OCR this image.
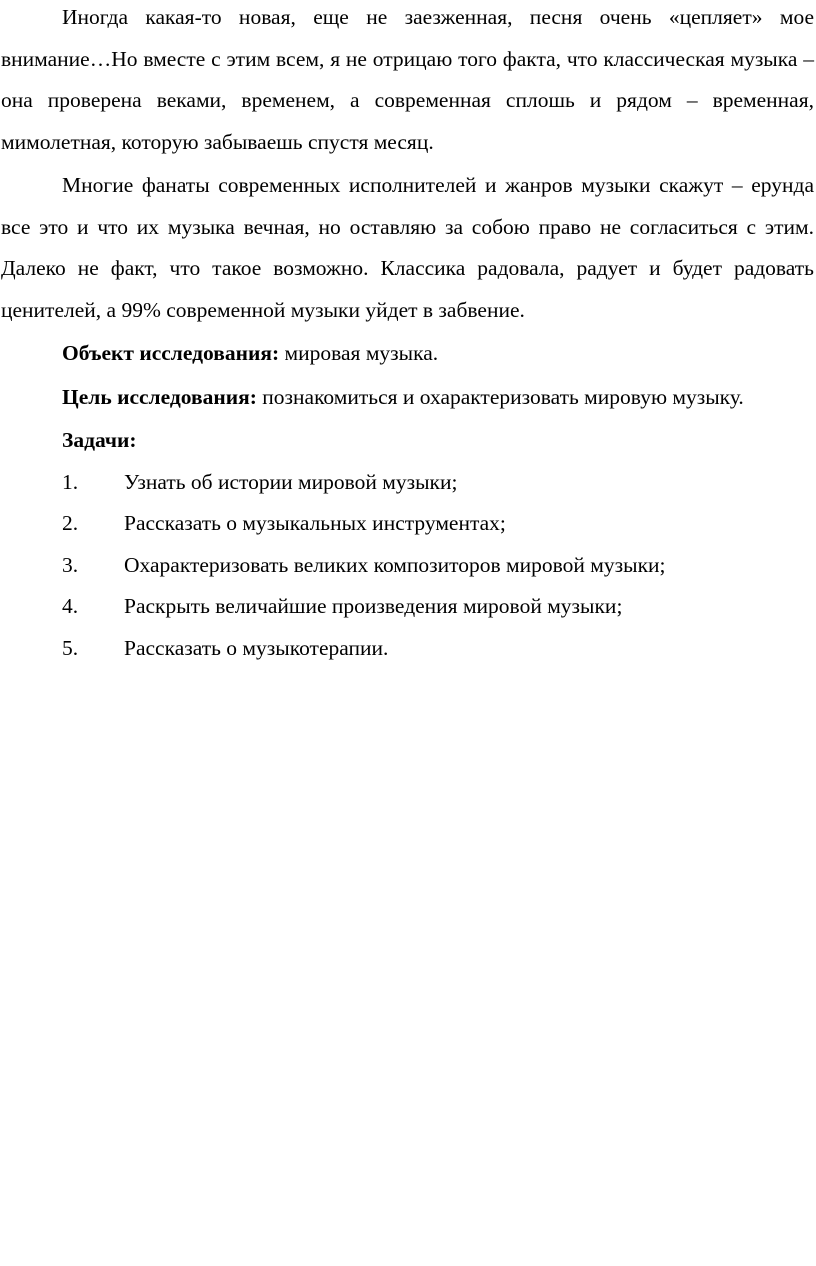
Иногда какая-то новая, еще не заезженная, песня очень «цепляет» мое внимание…Но вместе с этим всем, я не отрицаю того факта, что классическая музыка – она проверена веками, временем, а современная сплошь и рядом – временная, мимолетная, которую забываешь спустя месяц.

Многие фанаты современных исполнителей и жанров музыки скажут – ерунда все это и что их музыка вечная, но оставляю за собою право не согласиться с этим. Далеко не факт, что такое возможно. Классика радовала, радует и будет радовать ценителей, а 99% современной музыки уйдет в забвение.

Объект исследования: мировая музыка.

Цель исследования: познакомиться и охарактеризовать мировую музыку.

Задачи:

1.	Узнать об истории мировой музыки;
2.	Рассказать о музыкальных инструментах;
3.	Охарактеризовать великих композиторов мировой музыки;
4.	Раскрыть величайшие произведения мировой музыки;
5.	Рассказать о музыкотерапии.
